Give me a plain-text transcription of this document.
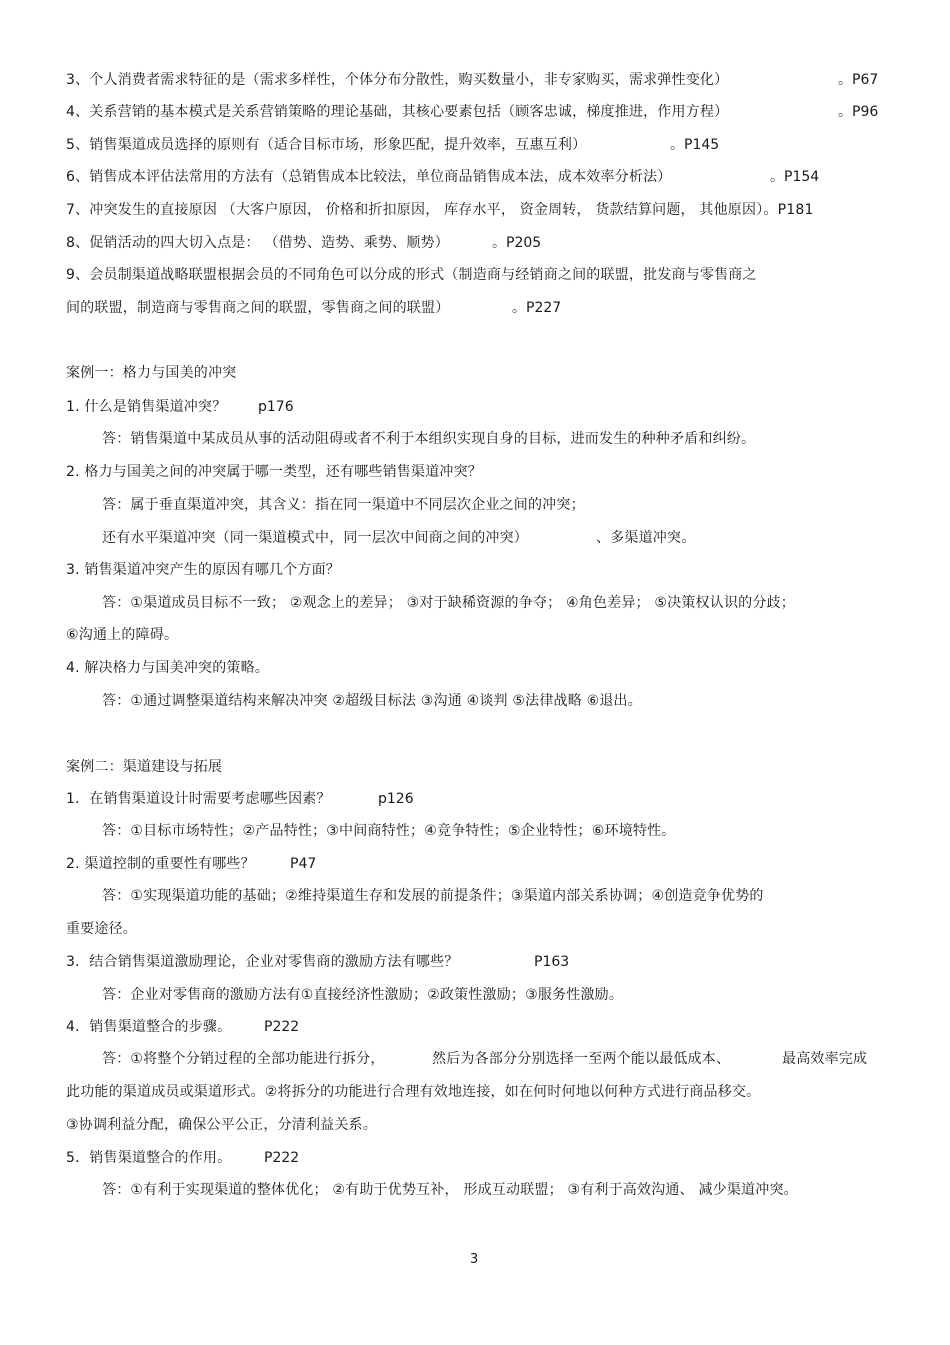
3、个人消费者需求特征的是（需求多样性，个体分布分散性，购买数量小，非专家购买，需求弹性变化）	。P67
4、关系营销的基本模式是关系营销策略的理论基础，其核心要素包括（顾客忠诚，梯度推进，作用方程）	。P96
5、销售渠道成员选择的原则有（适合目标市场，形象匹配，提升效率，互惠互利）	。P145
6、销售成本评估法常用的方法有（总销售成本比较法，单位商品销售成本法，成本效率分析法）	。P154
7、冲突发生的直接原因 （大客户原因， 价格和折扣原因， 库存水平， 资金周转， 货款结算问题， 其他原因）。P181
8、促销活动的四大切入点是： （借势、造势、乘势、顺势）	。P205
9、会员制渠道战略联盟根据会员的不同角色可以分成的形式（制造商与经销商之间的联盟，批发商与零售商之
间的联盟，制造商与零售商之间的联盟，零售商之间的联盟）	。P227
案例一：格力与国美的冲突
1. 什么是销售渠道冲突？ p176
答：销售渠道中某成员从事的活动阻碍或者不利于本组织实现自身的目标，进而发生的种种矛盾和纠纷。
2. 格力与国美之间的冲突属于哪一类型，还有哪些销售渠道冲突？
答：属于垂直渠道冲突，其含义：指在同一渠道中不同层次企业之间的冲突；
还有水平渠道冲突（同一渠道模式中，同一层次中间商之间的冲突）	、多渠道冲突。
3. 销售渠道冲突产生的原因有哪几个方面？
答：①渠道成员目标不一致； ②观念上的差异； ③对于缺稀资源的争夺； ④角色差异； ⑤决策权认识的分歧；
⑥沟通上的障碍。
4. 解决格力与国美冲突的策略。
答：①通过调整渠道结构来解决冲突 ②超级目标法 ③沟通 ④谈判 ⑤法律战略 ⑥退出。
案例二：渠道建设与拓展
1．在销售渠道设计时需要考虑哪些因素？	p126
答：①目标市场特性；②产品特性；③中间商特性；④竞争特性；⑤企业特性；⑥环境特性。
2. 渠道控制的重要性有哪些？	P47
答：①实现渠道功能的基础；②维持渠道生存和发展的前提条件；③渠道内部关系协调；④创造竞争优势的
重要途径。
3．结合销售渠道激励理论，企业对零售商的激励方法有哪些？	P163
答：企业对零售商的激励方法有①直接经济性激励；②政策性激励；③服务性激励。
4．销售渠道整合的步骤。 P222
答：①将整个分销过程的全部功能进行拆分，	然后为各部分分别选择一至两个能以最低成本、	最高效率完成
此功能的渠道成员或渠道形式。②将拆分的功能进行合理有效地连接，如在何时何地以何种方式进行商品移交。
③协调利益分配，确保公平公正，分清利益关系。
5．销售渠道整合的作用。 P222
答：①有利于实现渠道的整体优化； ②有助于优势互补， 形成互动联盟； ③有利于高效沟通、 减少渠道冲突。
3
